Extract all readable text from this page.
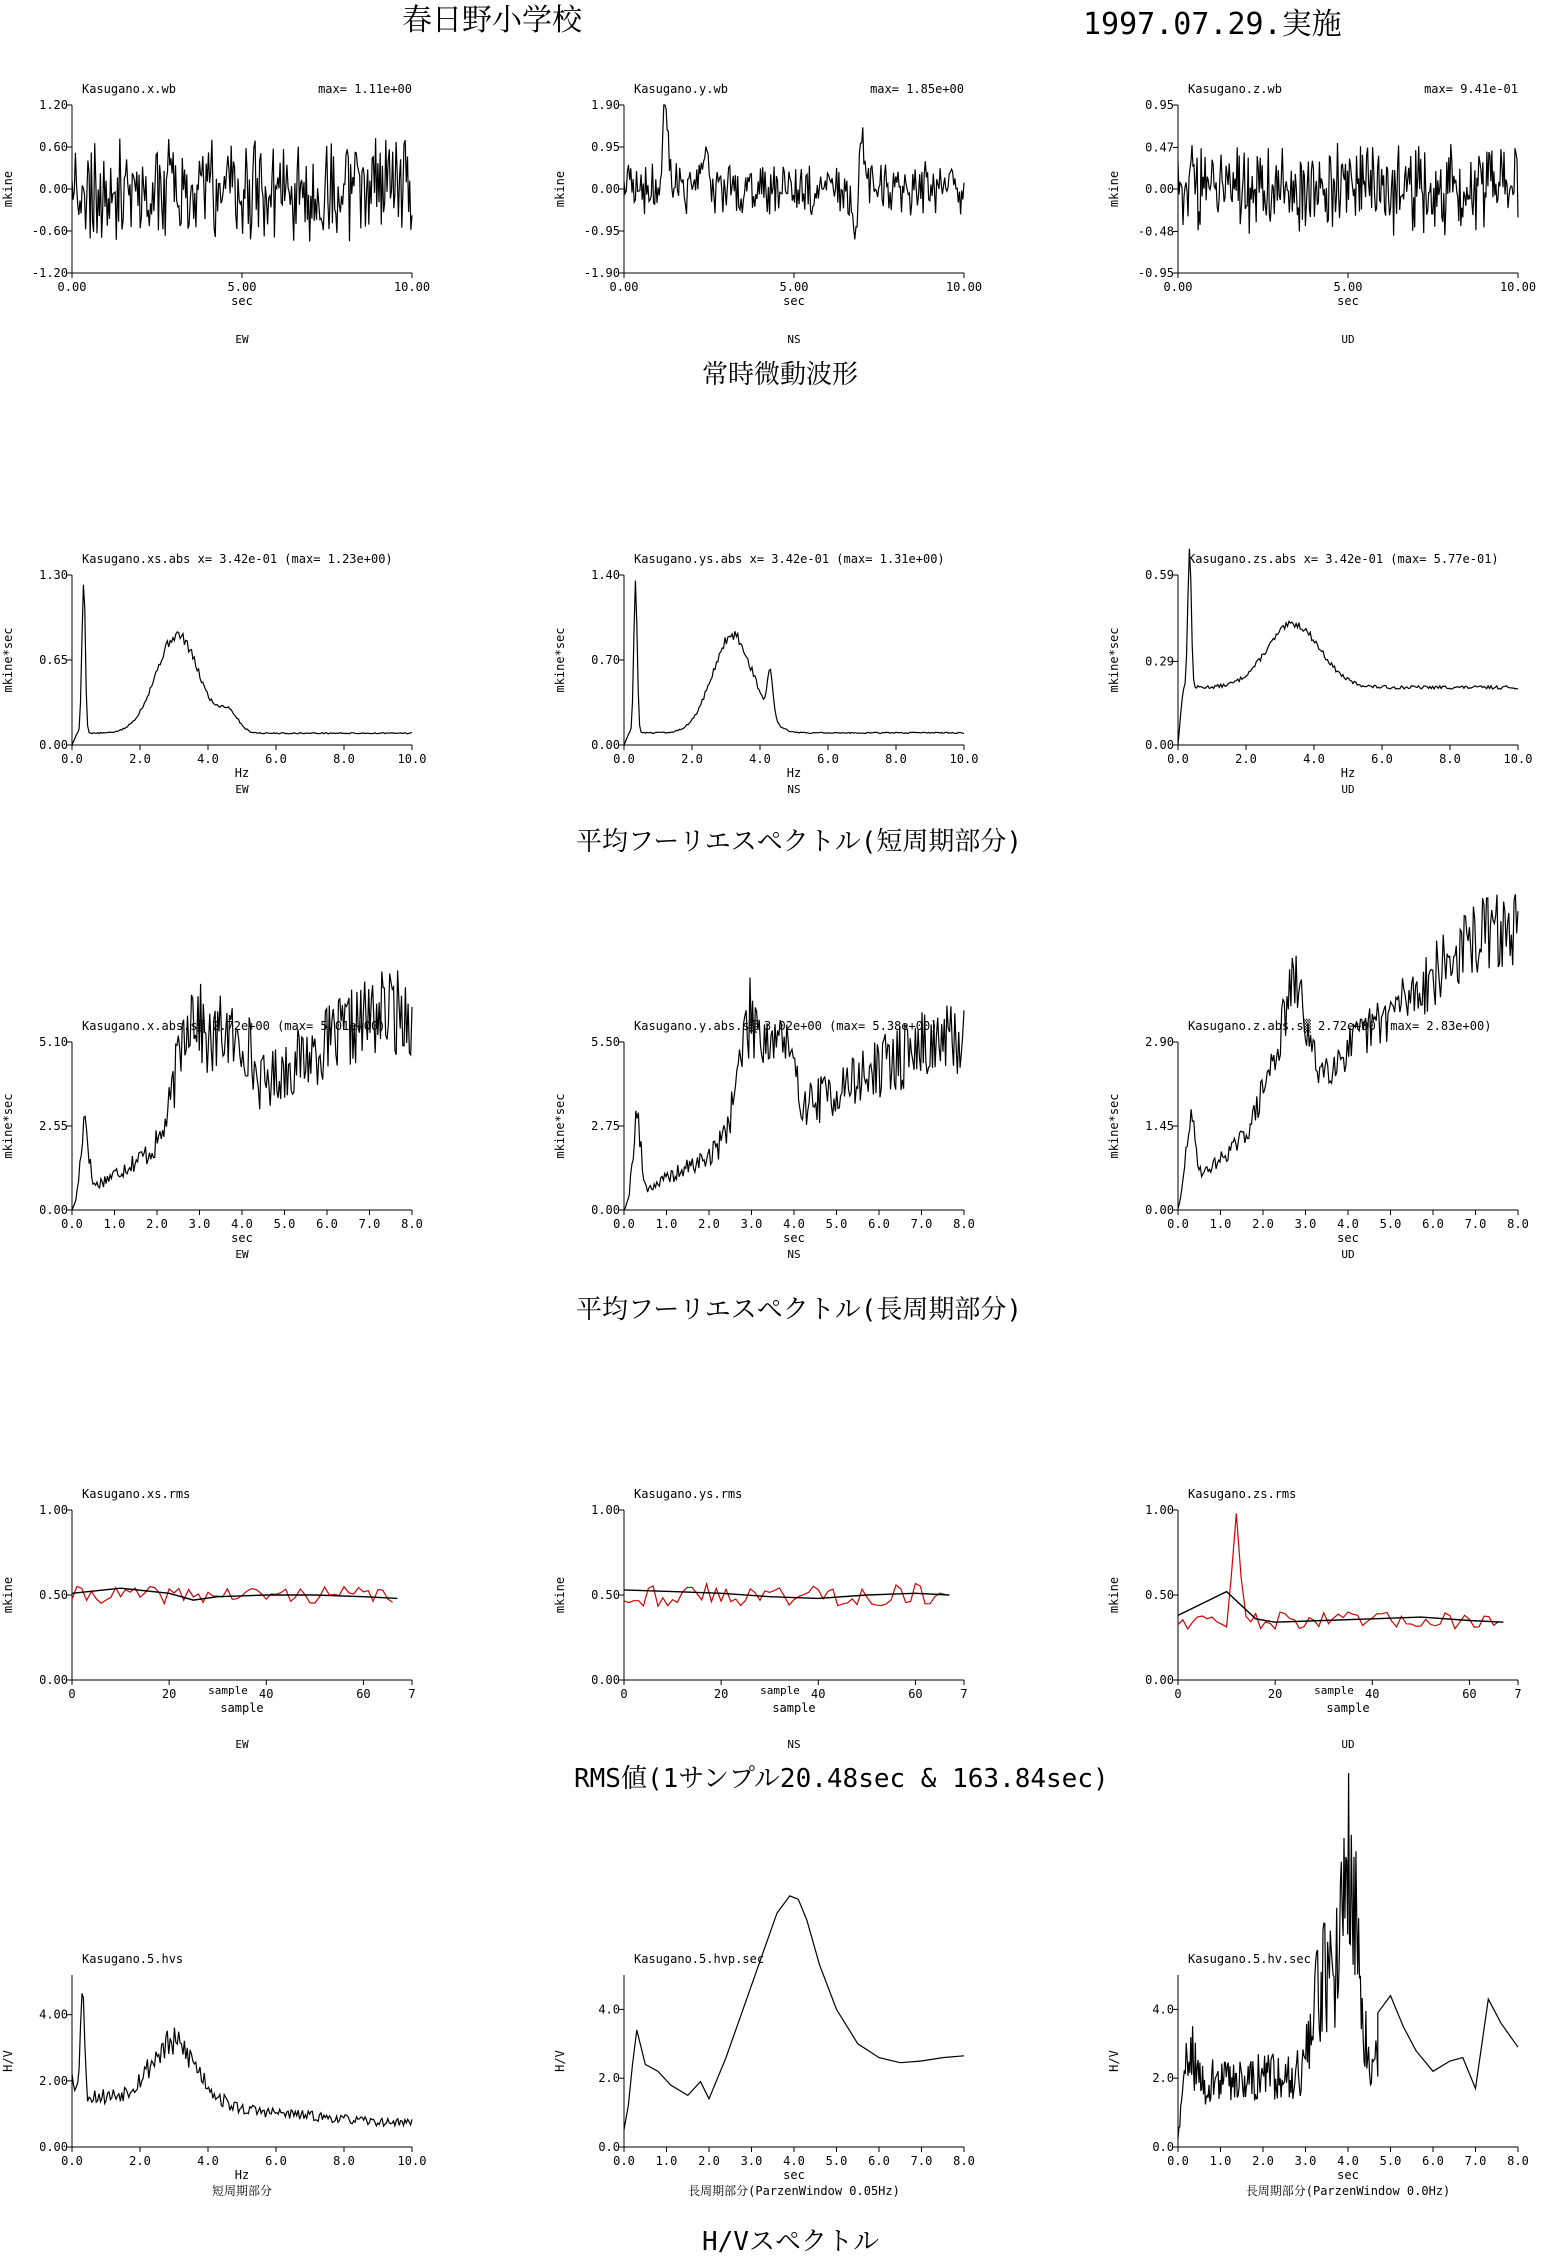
春日野小学校	1997.07.29.実施
常時微動波形
平均フーリエスペクトル(短周期部分)
平均フーリエスペクトル(長周期部分)
RMS値(1サンプル20.48sec & 163.84sec)
H/Vスペクトル
Kasugano.x.wb	max= 1.11e+00
1.20
0.60
0.00
-0.60
-1.20
0.00	5.00	10.00
mkine
sec
EW
Kasugano.y.wb	max= 1.85e+00
1.90
0.95
0.00
-0.95
-1.90
0.00	5.00	10.00
mkine
sec
NS
Kasugano.z.wb	max= 9.41e-01
0.95
0.47
0.00
-0.48
-0.95
0.00	5.00	10.00
mkine
sec
UD
Kasugano.xs.abs x= 3.42e-01 (max= 1.23e+00)
1.30
0.65
0.00
0.0	2.0	4.0	6.0	8.0	10.0
mkine*sec
Hz
EW
Kasugano.ys.abs x= 3.42e-01 (max= 1.31e+00)
1.40
0.70
0.00
0.0	2.0	4.0	6.0	8.0	10.0
mkine*sec
Hz
NS
Kasugano.zs.abs x= 3.42e-01 (max= 5.77e-01)
0.59
0.29
0.00
0.0	2.0	4.0	6.0	8.0	10.0
mkine*sec
Hz
UD
Kasugano.x.abs.s▒ 2.72e+00 (max= 5.01e+00)
5.10
2.55
0.00
0.0 1.0 2.0 3.0 4.0 5.0 6.0 7.0 8.0
mkine*sec
sec
EW
Kasugano.y.abs.s▒ 3.02e+00 (max= 5.38e+00)
5.50
2.75
0.00
0.0 1.0 2.0 3.0 4.0 5.0 6.0 7.0 8.0
mkine*sec
sec
NS
Kasugano.z.abs.s▒ 2.72e+00 (max= 2.83e+00)
2.90
1.45
0.00
0.0 1.0 2.0 3.0 4.0 5.0 6.0 7.0 8.0
mkine*sec
sec
UD
Kasugano.xs.rms
1.00
0.50
0.00
0	20	40	60	7
mkine
sample
sample
EW
Kasugano.ys.rms
1.00
0.50
0.00
0	20	40	60	7
mkine
sample
sample
NS
Kasugano.zs.rms
1.00
0.50
0.00
0	20	40	60	7
mkine
sample
sample
UD
Kasugano.5.hvs
4.00
2.00
0.00
0.0	2.0	4.0	6.0	8.0	10.0
H/V
Hz
短周期部分
Kasugano.5.hvp.sec
4.0
2.0
0.0
0.0 1.0 2.0 3.0 4.0 5.0 6.0 7.0 8.0
H/V
sec
長周期部分(ParzenWindow 0.05Hz)
Kasugano.5.hv.sec
4.0
2.0
0.0
0.0 1.0 2.0 3.0 4.0 5.0 6.0 7.0 8.0
H/V
sec
長周期部分(ParzenWindow 0.0Hz)
